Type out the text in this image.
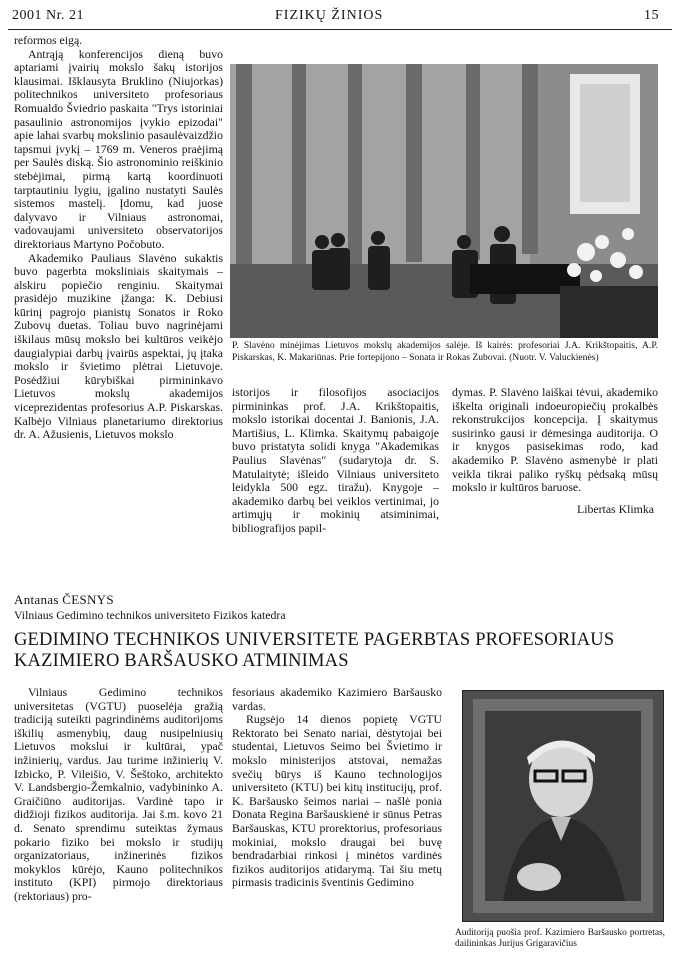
2001 Nr. 21	FIZIKŲ ŽINIOS	15

reformos eigą.

Antrąją konferencijos dieną buvo aptariami įvairių mokslo šakų istorijos klausimai. Išklausyta Bruklino (Niujorkas) politechnikos universiteto profesoriaus Romualdo Šviedrio paskaita "Trys istoriniai pasaulinio astronomijos įvykio epizodai" apie lahai svarbų mokslinio pasaulėvaizdžio tapsmui įvykį – 1769 m. Veneros praėjimą per Saulės diską. Šio astronominio reiškinio stebėjimai, pirmą kartą koordinuoti tarptautiniu lygiu, įgalino nustatyti Saulės sistemos mastelį. Įdomu, kad juose dalyvavo ir Vilniaus astronomai, vadovaujami universiteto observatorijos direktoriaus Martyno Počobuto.

Akademiko Pauliaus Slavėno sukaktis buvo pagerbta moksliniais skaitymais – alskiru popiečio renginiu. Skaitymai prasidėjo muzikine įžanga: K. Debiusi kūrinį pagrojo pianistų Sonatos ir Roko Zubovų duetas. Toliau buvo nagrinėjami iškilaus mūsų mokslo bei kultūros veikėjo daugialypiai darbų įvairūs aspektai, jų įtaka mokslo ir švietimo plėtrai Lietuvoje. Posėdžiui kūrybiškai pirmininkavo Lietuvos mokslų akademijos viceprezidentas profesorius A.P. Piskarskas. Kalbėjo Vilniaus planetariumo direktorius dr. A. Ažusienis, Lietuvos mokslo

P. Slavėno minėjimas Lietuvos mokslų akademijos salėje. Iš kairės: profesoriai J.A. Krikštopaitis, A.P. Piskarskas, K. Makariūnas. Prie fortepijono – Sonata ir Rokas Zubovai. (Nuotr. V. Valuckienės)

istorijos ir filosofijos asociacijos pirmininkas prof. J.A. Krikštopaitis, mokslo istorikai docentai J. Banionis, J.A. Martišius, L. Klimka. Skaitymų pabaigoje buvo pristatyta solidi knyga "Akademikas Paulius Slavėnas" (sudarytoja dr. S. Matulaitytė; išleido Vilniaus universiteto leidykla 500 egz. tiražu). Knygoje – akademiko darbų bei veiklos vertinimai, jo artimųjų ir mokinių atsiminimai, bibliografijos papil-

dymas. P. Slavėno laiškai tėvui, akademiko iškelta originali indoeuropiečių prokalbės rekonstrukcijos koncepcija. Į skaitymus susirinko gausi ir dėmesinga auditorija. O ir knygos pasisekimas rodo, kad akademiko P. Slavėno asmenybė ir plati veikla tikrai paliko ryškų pėdsaką mūsų mokslo ir kultūros baruose.

Libertas Klimka

Antanas ČESNYS
Vilniaus Gedimino technikos universiteto Fizikos katedra
GEDIMINO TECHNIKOS UNIVERSITETE PAGERBTAS PROFESORIAUS KAZIMIERO BARŠAUSKO ATMINIMAS

Vilniaus Gedimino technikos universitetas (VGTU) puoselėja gražią tradiciją suteikti pagrindinėms auditorijoms iškilių asmenybių, daug nusipelniusių Lietuvos mokslui ir kultūrai, ypač inžinierių, vardus. Jau turime inžinierių V. Izbicko, P. Vileišio, V. Šeštoko, architekto V. Landsbergio-Žemkalnio, vadybininko A. Graičiūno auditorijas. Vardinė tapo ir didžioji fizikos auditorija. Jai š.m. kovo 21 d. Senato sprendimu suteiktas žymaus pokario fiziko bei mokslo ir studijų organizatoriaus, inžinerinės fizikos mokyklos kūrėjo, Kauno politechnikos instituto (KPI) pirmojo direktoriaus (rektoriaus) pro-

fesoriaus akademiko Kazimiero Baršausko vardas.

Rugsėjo 14 dienos popietę VGTU Rektorato bei Senato nariai, dėstytojai bei studentai, Lietuvos Seimo bei Švietimo ir mokslo ministerijos atstovai, nemažas svečių būrys iš Kauno technologijos universiteto (KTU) bei kitų institucijų, prof. K. Baršausko šeimos nariai – našlė ponia Donata Regina Baršauskienė ir sūnus Petras Baršauskas, KTU prorektorius, profesoriaus mokiniai, mokslo draugai bei buvę bendradarbiai rinkosi į minėtos vardinės fizikos auditorijos atidarymą. Tai šiu metų pirmasis tradicinis šventinis Gedimino

Auditoriją puošia prof. Kazimiero Baršausko portretas, dailininkas Jurijus Grigaravičius
